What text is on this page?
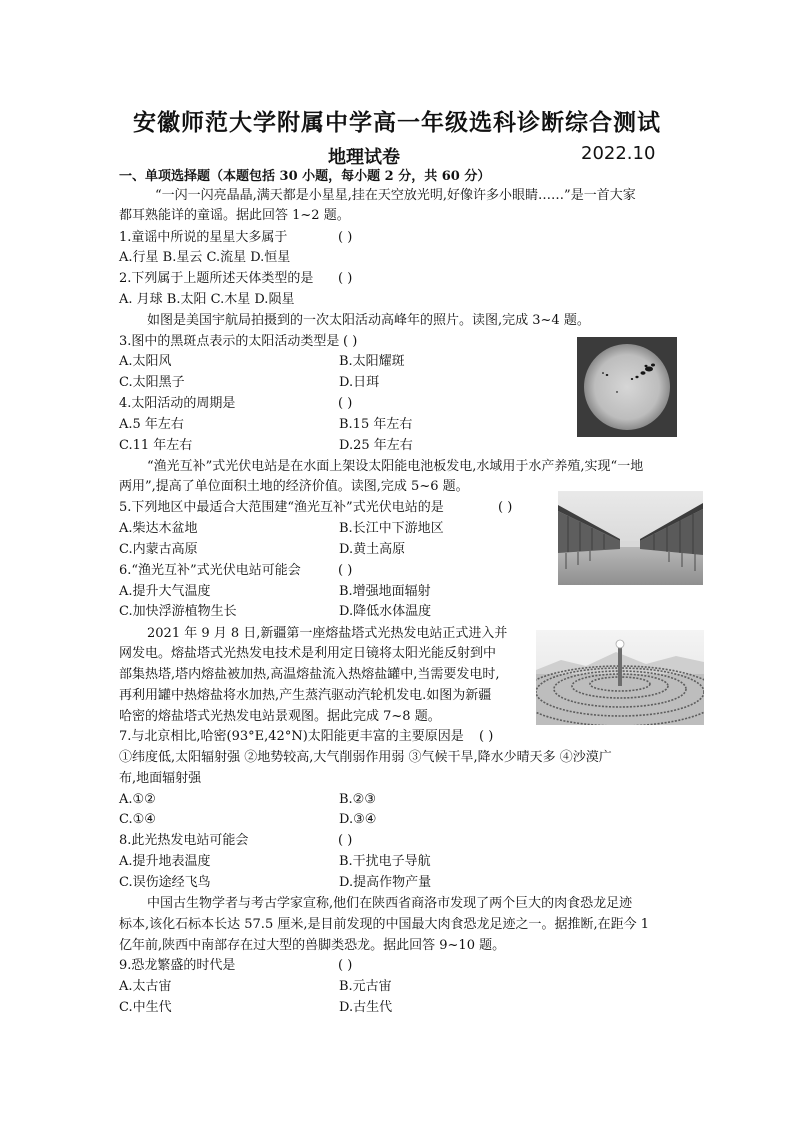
安徽师范大学附属中学高一年级选科诊断综合测试
地理试卷	2022.10
一、单项选择题（本题包括 30 小题，每小题 2 分，共 60 分）
“一闪一闪亮晶晶,满天都是小星星,挂在天空放光明,好像许多小眼睛……”是一首大家
都耳熟能详的童谣。据此回答 1~2 题。
1.童谣中所说的星星大多属于	( )
A.行星 B.星云 C.流星 D.恒星
2.下列属于上题所述天体类型的是 ( )
A. 月球 B.太阳 C.木星 D.陨星
如图是美国宇航局拍摄到的一次太阳活动高峰年的照片。读图,完成 3~4 题。
3.图中的黑斑点表示的太阳活动类型是 ( )
A.太阳风	B.太阳耀斑
C.太阳黑子	D.日珥
4.太阳活动的周期是	( )
A.5 年左右	B.15 年左右
C.11 年左右	D.25 年左右
“渔光互补”式光伏电站是在水面上架设太阳能电池板发电,水域用于水产养殖,实现“一地
两用”,提高了单位面积土地的经济价值。读图,完成 5~6 题。
5.下列地区中最适合大范围建“渔光互补”式光伏电站的是	( )
A.柴达木盆地	B.长江中下游地区
C.内蒙古高原	D.黄土高原
6.“渔光互补”式光伏电站可能会	( )
A.提升大气温度	B.增强地面辐射
C.加快浮游植物生长	D.降低水体温度
2021 年 9 月 8 日,新疆第一座熔盐塔式光热发电站正式进入并
网发电。熔盐塔式光热发电技术是利用定日镜将太阳光能反射到中
部集热塔,塔内熔盐被加热,高温熔盐流入热熔盐罐中,当需要发电时,
再利用罐中热熔盐将水加热,产生蒸汽驱动汽轮机发电.如图为新疆
哈密的熔盐塔式光热发电站景观图。据此完成 7~8 题。
7.与北京相比,哈密(93°E,42°N)太阳能更丰富的主要原因是 ( )
①纬度低,太阳辐射强 ②地势较高,大气削弱作用弱 ③气候干旱,降水少晴天多 ④沙漠广
布,地面辐射强
A.①②	B.②③
C.①④	D.③④
8.此光热发电站可能会	( )
A.提升地表温度	B.干扰电子导航
C.误伤途经飞鸟	D.提高作物产量
中国古生物学者与考古学家宣称,他们在陕西省商洛市发现了两个巨大的肉食恐龙足迹
标本,该化石标本长达 57.5 厘米,是目前发现的中国最大肉食恐龙足迹之一。据推断,在距今 1
亿年前,陕西中南部存在过大型的兽脚类恐龙。据此回答 9~10 题。
9.恐龙繁盛的时代是	( )
A.太古宙	B.元古宙
C.中生代	D.古生代
